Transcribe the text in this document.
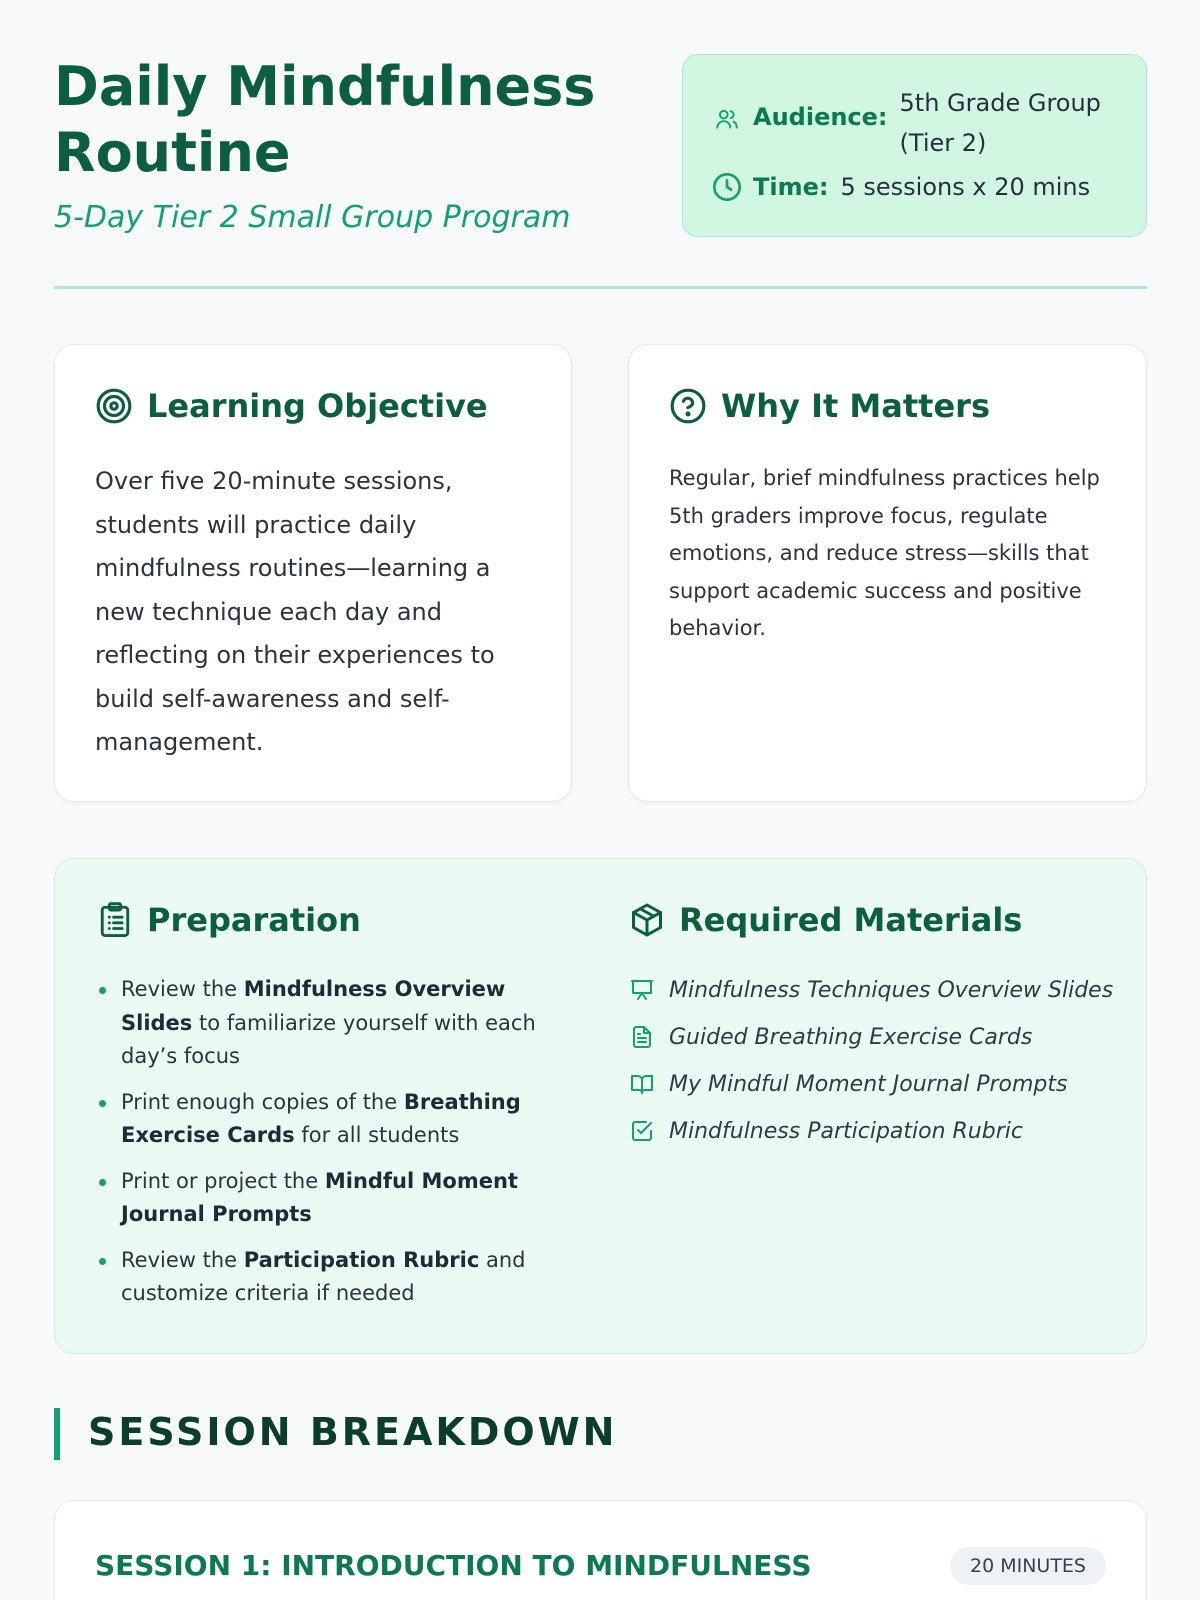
Daily Mindfulness Routine
5-Day Tier 2 Small Group Program
Audience: 5th Grade Group (Tier 2)
Time: 5 sessions x 20 mins
Learning Objective

Over five 20-minute sessions, students will practice daily mindfulness routines—learning a new technique each day and reflecting on their experiences to build self-awareness and self-management.

Why It Matters

Regular, brief mindfulness practices help 5th graders improve focus, regulate emotions, and reduce stress—skills that support academic success and positive behavior.

Preparation
Review the Mindfulness Overview Slides to familiarize yourself with each day’s focus
Print enough copies of the Breathing Exercise Cards for all students
Print or project the Mindful Moment Journal Prompts
Review the Participation Rubric and customize criteria if needed
Required Materials
Mindfulness Techniques Overview Slides
Guided Breathing Exercise Cards
My Mindful Moment Journal Prompts
Mindfulness Participation Rubric
SESSION BREAKDOWN
SESSION 1: INTRODUCTION TO MINDFULNESS	20 MINUTES
